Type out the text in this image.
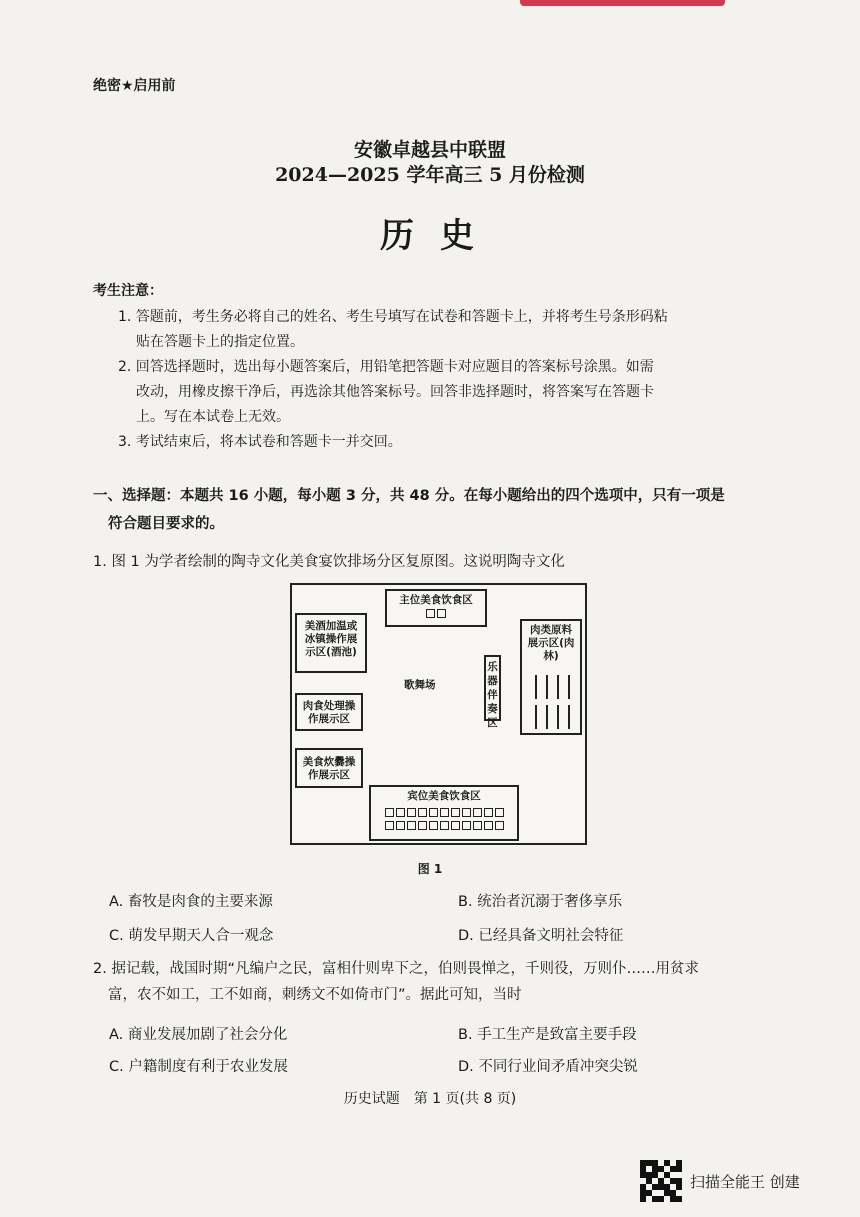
绝密★启用前
安徽卓越县中联盟
2024—2025 学年高三 5 月份检测
历史
考生注意：
1. 答题前，考生务必将自己的姓名、考生号填写在试卷和答题卡上，并将考生号条形码粘
贴在答题卡上的指定位置。
2. 回答选择题时，选出每小题答案后，用铅笔把答题卡对应题目的答案标号涂黑。如需
改动，用橡皮擦干净后，再选涂其他答案标号。回答非选择题时，将答案写在答题卡
上。写在本试卷上无效。
3. 考试结束后，将本试卷和答题卡一并交回。
一、选择题：本题共 16 小题，每小题 3 分，共 48 分。在每小题给出的四个选项中，只有一项是
符合题目要求的。
1. 图 1 为学者绘制的陶寺文化美食宴饮排场分区复原图。这说明陶寺文化
主位美食饮食区
美酒加温或冰镇操作展示区(酒池)
肉食处理操作展示区
美食炊爨操作展示区
歌舞场
乐器伴奏区
肉类原料展示区(肉林)
宾位美食饮食区
图 1
A. 畜牧是肉食的主要来源	B. 统治者沉溺于奢侈享乐
C. 萌发早期天人合一观念	D. 已经具备文明社会特征
2. 据记载，战国时期“凡编户之民，富相什则卑下之，伯则畏惮之，千则役，万则仆……用贫求
富，农不如工，工不如商，刺绣文不如倚市门”。据此可知，当时
A. 商业发展加剧了社会分化	B. 手工生产是致富主要手段
C. 户籍制度有利于农业发展	D. 不同行业间矛盾冲突尖锐
历史试题　第 1 页(共 8 页)
扫描全能王 创建
